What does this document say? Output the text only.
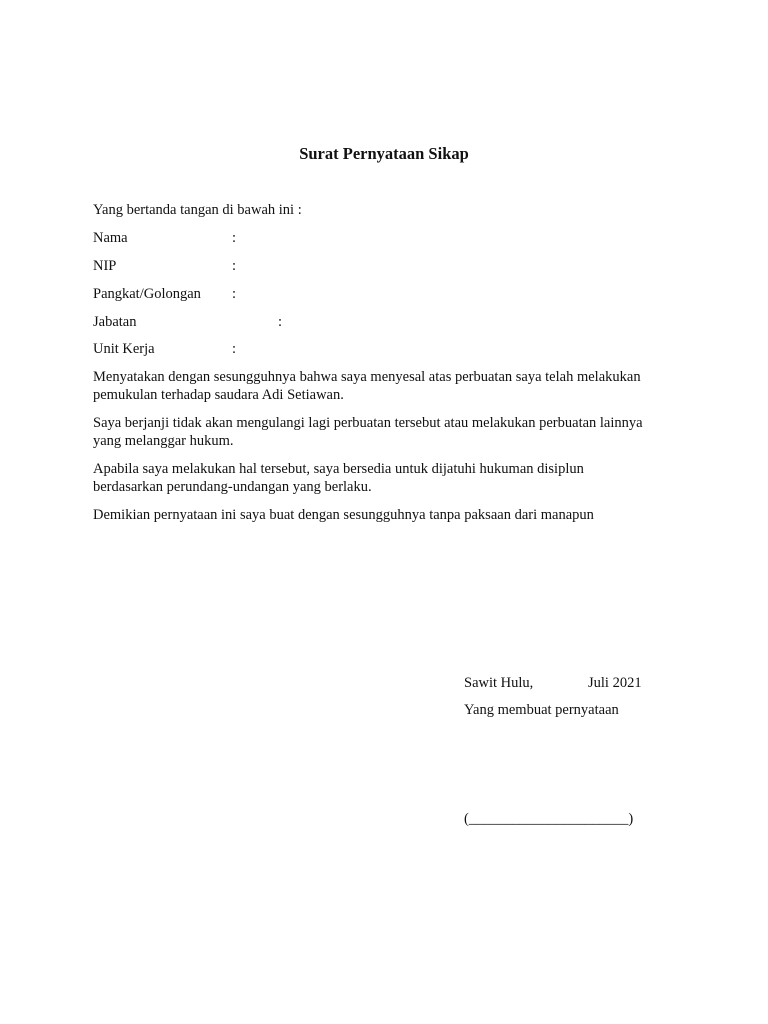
Surat Pernyataan Sikap
Yang bertanda tangan di bawah ini :
Nama	:
NIP	:
Pangkat/Golongan :
Jabatan	:
Unit Kerja	:
Menyatakan dengan sesungguhnya bahwa saya menyesal atas perbuatan saya telah melakukan pemukulan terhadap saudara Adi Setiawan.
Saya berjanji tidak akan mengulangi lagi perbuatan tersebut atau melakukan perbuatan lainnya yang melanggar hukum.
Apabila saya melakukan hal tersebut, saya bersedia untuk dijatuhi hukuman disiplun berdasarkan perundang-undangan yang berlaku.
Demikian pernyataan ini saya buat dengan sesungguhnya tanpa paksaan dari manapun
Sawit Hulu,	Juli 2021
Yang membuat pernyataan
(______________________)
